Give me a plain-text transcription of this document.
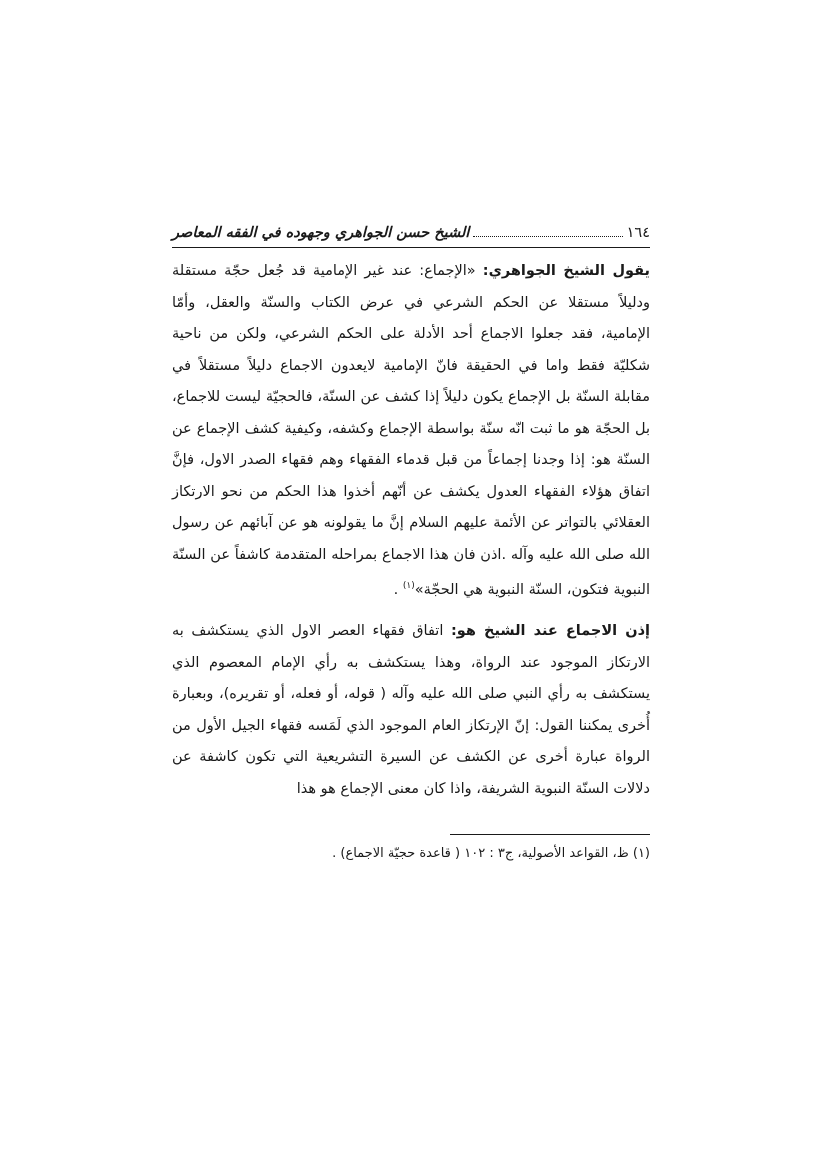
١٦٤
الشيخ حسن الجواهري وجهوده في الفقه المعاصر

يقول الشيخ الجواهري: «الإجماع: عند غير الإمامية قد جُعل حجّة مستقلة ودليلاً مستقلا عن الحكم الشرعي في عرض الكتاب والسنّة والعقل، وأمّا الإمامية، فقد جعلوا الاجماع أحد الأدلة على الحكم الشرعي، ولكن من ناحية شكليّة فقط واما في الحقيقة فانّ الإمامية لايعدون الاجماع دليلاً مستقلاً في مقابلة السنّة بل الإجماع يكون دليلاً إذا كشف عن السنّة، فالحجيّة ليست للاجماع، بل الحجّة هو ما ثبت انّه سنّة بواسطة الإجماع وكشفه، وكيفية كشف الإجماع عن السنّة هو: إذا وجدنا إجماعاً من قبل قدماء الفقهاء وهم فقهاء الصدر الاول، فإنَّ اتفاق هؤلاء الفقهاء العدول يكشف عن أنّهم أخذوا هذا الحكم من نحو الارتكاز العقلائي بالتواتر عن الأئمة عليهم السلام إنَّ ما يقولونه هو عن آبائهم عن رسول الله صلى الله عليه وآله .اذن فان هذا الاجماع بمراحله المتقدمة كاشفاً عن السنّة النبوية فتكون، السنّة النبوية هي الحجّة»$^{(١)}$ .

إذن الاجماع عند الشيخ هو: اتفاق فقهاء العصر الاول الذي يستكشف به الارتكاز الموجود عند الرواة، وهذا يستكشف به رأي الإمام المعصوم الذي يستكشف به رأي النبي صلى الله عليه وآله ( قوله، أو فعله، أو تقريره)، وبعبارة أُخرى يمكننا القول: إنّ الإرتكاز العام الموجود الذي لَمَسه فقهاء الجيل الأول من الرواة عبارة أخرى عن الكشف عن السيرة التشريعية التي تكون كاشفة عن دلالات السنّة النبوية الشريفة، واذا كان معنى الإجماع هو هذا

(١) ظ، القواعد الأصولية، ج٣ : ١٠٢ ( قاعدة حجيّة الاجماع) .
